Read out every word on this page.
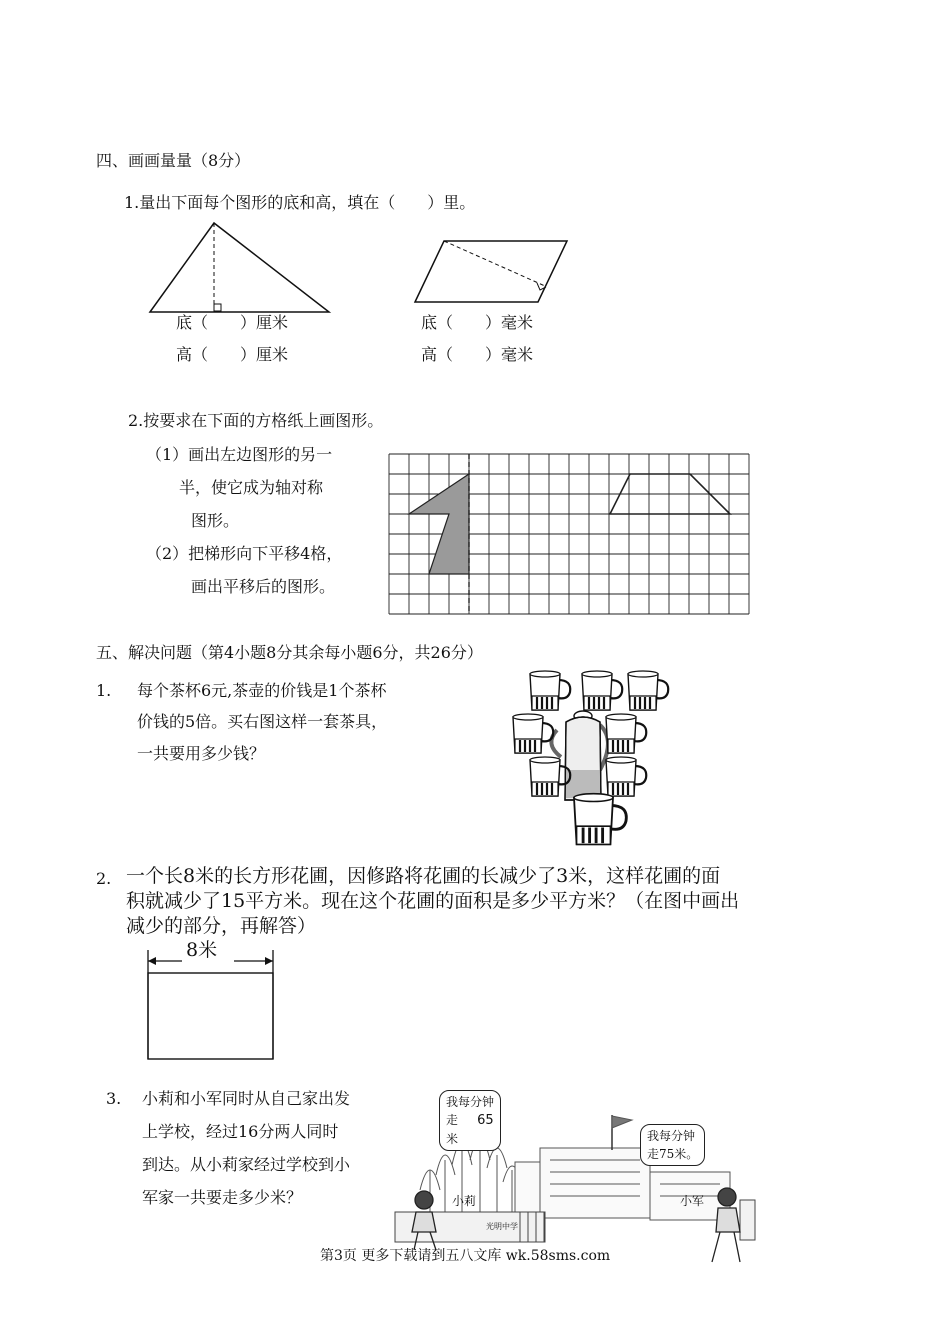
四、画画量量（8分）
1.量出下面每个图形的底和高，填在（　　）里。
底（　　）厘米
高（　　）厘米
底（　　）毫米
高（　　）毫米
2.按要求在下面的方格纸上画图形。
（1）画出左边图形的另一
半，使它成为轴对称
图形。
（2）把梯形向下平移4格，
画出平移后的图形。
五、解决问题（第4小题8分其余每小题6分，共26分）
1. 每个茶杯6元,茶壶的价钱是1个茶杯
价钱的5倍。买右图这样一套茶具，
一共要用多少钱？
2. 一个长8米的长方形花圃，因修路将花圃的长减少了3米，这样花圃的面
积就减少了15平方米。现在这个花圃的面积是多少平方米？（在图中画出
减少的部分，再解答）
8米
3. 小莉和小军同时从自己家出发
上学校，经过16分两人同时
到达。从小莉家经过学校到小
军家一共要走多少米？
我每分钟
走 65
米	我每分钟
走75米。
小莉	小军
光明中学
第3页 更多下载请到五八文库 wk.58sms.com
